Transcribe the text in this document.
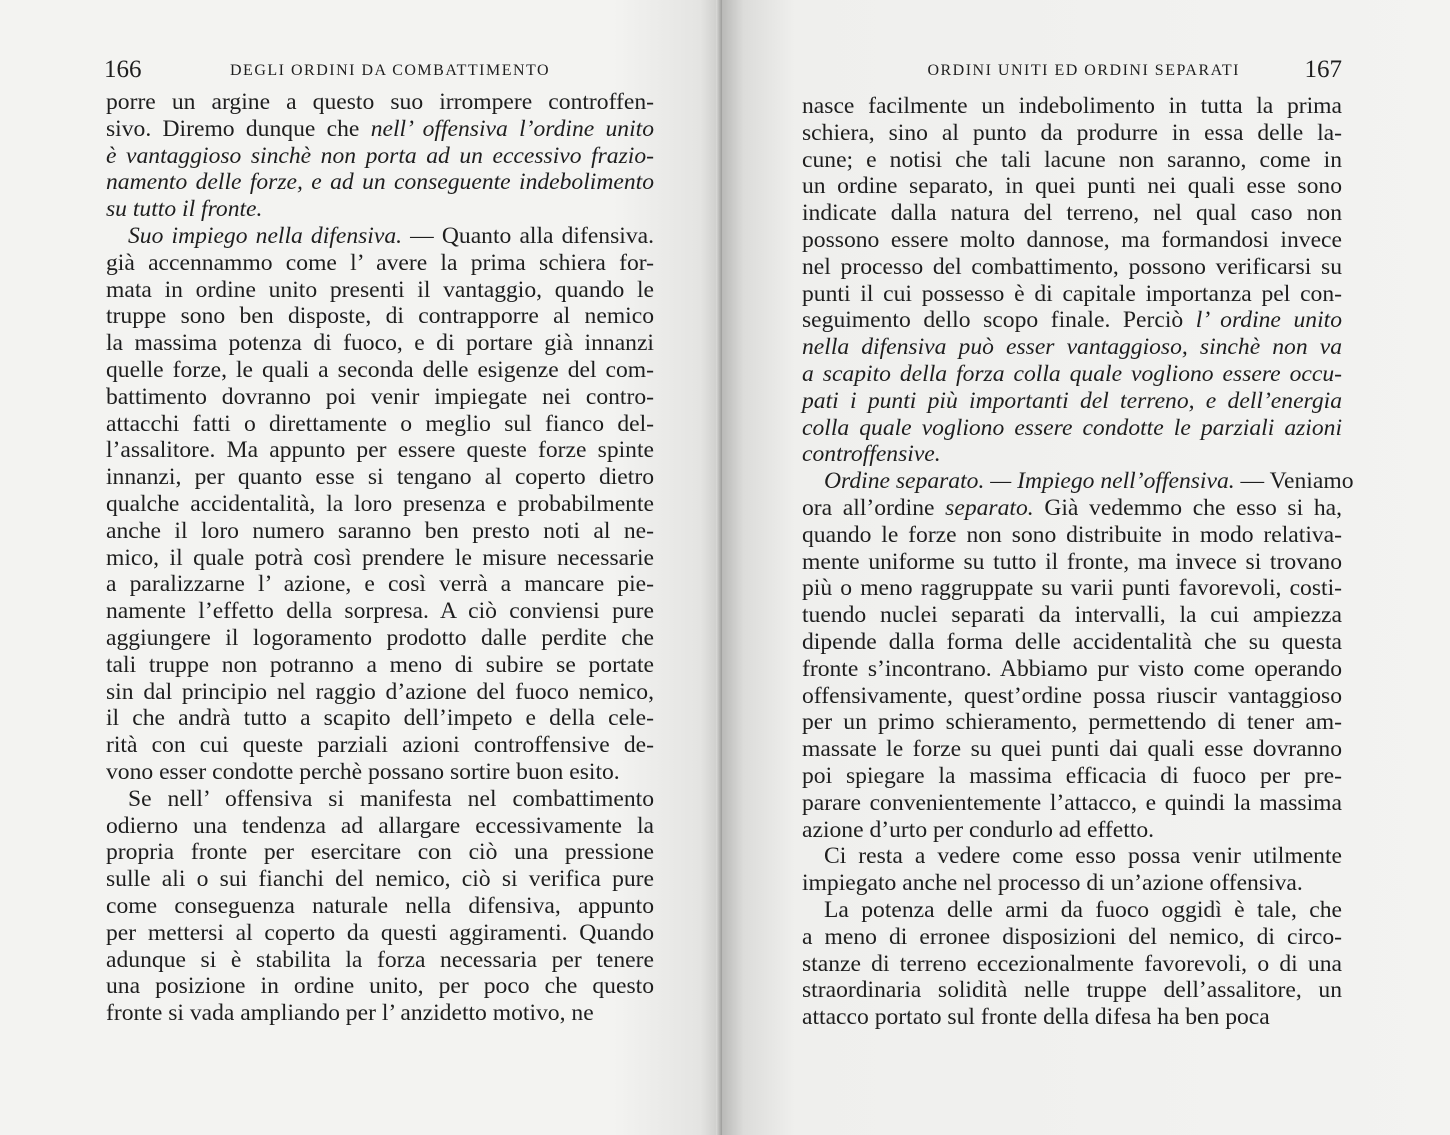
166	DEGLI ORDINI DA COMBATTIMENTO
porre un argine a questo suo irrompere controffen-
sivo. Diremo dunque che nell’ offensiva l’ordine unito
è vantaggioso sinchè non porta ad un eccessivo frazio-
namento delle forze, e ad un conseguente indebolimento
su tutto il fronte.
Suo impiego nella difensiva. — Quanto alla difensiva.
già accennammo come l’ avere la prima schiera for-
mata in ordine unito presenti il vantaggio, quando le
truppe sono ben disposte, di contrapporre al nemico
la massima potenza di fuoco, e di portare già innanzi
quelle forze, le quali a seconda delle esigenze del com-
battimento dovranno poi venir impiegate nei contro-
attacchi fatti o direttamente o meglio sul fianco del-
l’assalitore. Ma appunto per essere queste forze spinte
innanzi, per quanto esse si tengano al coperto dietro
qualche accidentalità, la loro presenza e probabilmente
anche il loro numero saranno ben presto noti al ne-
mico, il quale potrà così prendere le misure necessarie
a paralizzarne l’ azione, e così verrà a mancare pie-
namente l’effetto della sorpresa. A ciò conviensi pure
aggiungere il logoramento prodotto dalle perdite che
tali truppe non potranno a meno di subire se portate
sin dal principio nel raggio d’azione del fuoco nemico,
il che andrà tutto a scapito dell’impeto e della cele-
rità con cui queste parziali azioni controffensive de-
vono esser condotte perchè possano sortire buon esito.
Se nell’ offensiva si manifesta nel combattimento
odierno una tendenza ad allargare eccessivamente la
propria fronte per esercitare con ciò una pressione
sulle ali o sui fianchi del nemico, ciò si verifica pure
come conseguenza naturale nella difensiva, appunto
per mettersi al coperto da questi aggiramenti. Quando
adunque si è stabilita la forza necessaria per tenere
una posizione in ordine unito, per poco che questo
fronte si vada ampliando per l’ anzidetto motivo, ne
ORDINI UNITI ED ORDINI SEPARATI	167
nasce facilmente un indebolimento in tutta la prima
schiera, sino al punto da produrre in essa delle la-
cune; e notisi che tali lacune non saranno, come in
un ordine separato, in quei punti nei quali esse sono
indicate dalla natura del terreno, nel qual caso non
possono essere molto dannose, ma formandosi invece
nel processo del combattimento, possono verificarsi su
punti il cui possesso è di capitale importanza pel con-
seguimento dello scopo finale. Perciò l’ ordine unito
nella difensiva può esser vantaggioso, sinchè non va
a scapito della forza colla quale vogliono essere occu-
pati i punti più importanti del terreno, e dell’energia
colla quale vogliono essere condotte le parziali azioni
controffensive.
Ordine separato. — Impiego nell’offensiva. — Veniamo
ora all’ordine separato. Già vedemmo che esso si ha,
quando le forze non sono distribuite in modo relativa-
mente uniforme su tutto il fronte, ma invece si trovano
più o meno raggruppate su varii punti favorevoli, costi-
tuendo nuclei separati da intervalli, la cui ampiezza
dipende dalla forma delle accidentalità che su questa
fronte s’incontrano. Abbiamo pur visto come operando
offensivamente, quest’ordine possa riuscir vantaggioso
per un primo schieramento, permettendo di tener am-
massate le forze su quei punti dai quali esse dovranno
poi spiegare la massima efficacia di fuoco per pre-
parare convenientemente l’attacco, e quindi la massima
azione d’urto per condurlo ad effetto.
Ci resta a vedere come esso possa venir utilmente
impiegato anche nel processo di un’azione offensiva.
La potenza delle armi da fuoco oggidì è tale, che
a meno di erronee disposizioni del nemico, di circo-
stanze di terreno eccezionalmente favorevoli, o di una
straordinaria solidità nelle truppe dell’assalitore, un
attacco portato sul fronte della difesa ha ben poca
